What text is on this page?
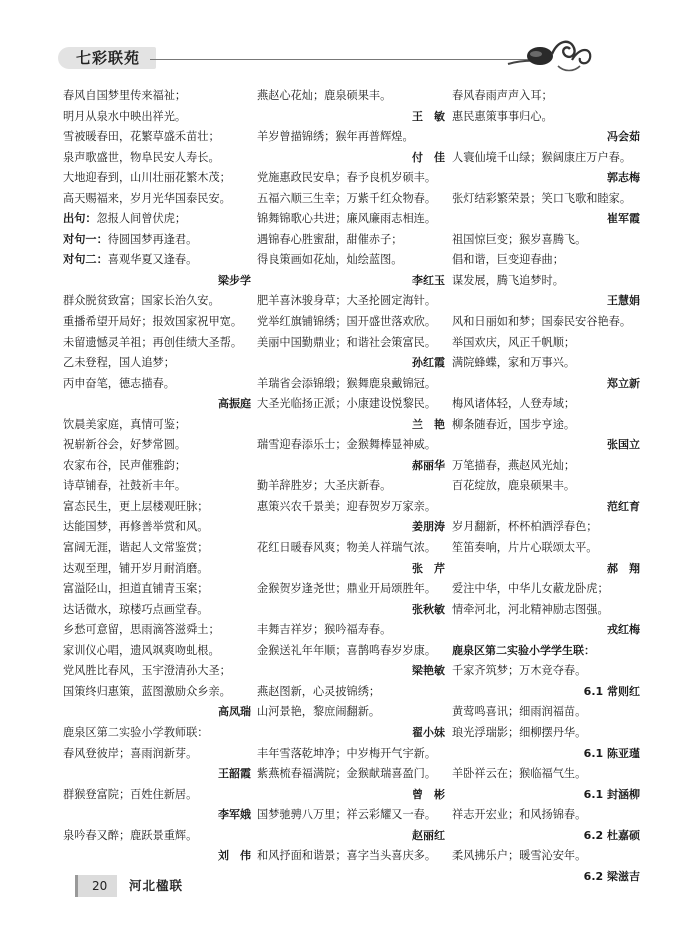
七彩联苑
春风自国梦里传来福祉；
明月从泉水中映出祥光。
雪被暖春田，花繁草盛禾苗壮；
泉声歌盛世，物阜民安人寿长。
大地迎春到，山川壮丽花繁木茂；
高天赐福来，岁月光华国泰民安。
出句：忽报人间曾伏虎；
对句一：待圆国梦再逢君。
对句二：喜观华夏又逢春。
梁步学
群众脱贫致富；国家长治久安。
重播希望开局好；报效国家祝甲宽。
未留遗憾灵羊祖；再创佳绩大圣帮。
乙未登程，国人追梦；
丙申奋笔，德志描春。
高振庭
饮晨美家庭，真情可鉴；
祝崭新谷会，好梦常圆。
农家布谷，民声催雅韵；
诗草铺春，社鼓祈丰年。
富态民生，更上层楼观旺脉；
达能国梦，再修善举赏和风。
富阔无涯，谐起人文常鉴赏；
达观至理，铺开岁月耐消磨。
富溢陉山，担道直铺青玉案；
达话微水，琼楼巧点画堂春。
乡愁可意留，思雨滴答滋舜土；
家训仪心唱，遗风飒爽吻虬根。
党风胜比春风，玉宇澄清孙大圣；
国策终归惠策，蓝图激励众乡亲。
高凤瑞
鹿泉区第二实验小学教师联：
春风登彼岸；喜雨润新芽。
王韶霞
群猴登富院；百姓住新居。
李军娥
泉吟春又醉；鹿跃景重辉。
刘　伟
燕赵心花灿；鹿泉硕果丰。
王　敏
羊岁曾描锦绣；猴年再普辉煌。
付　佳
党施惠政民安阜；春予良机岁硕丰。
五福六顺三生幸；万紫千红众物春。
锦舞锦歌心共进；廉风廉雨志相连。
遇锦春心胜蜜甜，甜催赤子；
得良策画如花灿，灿绘蓝图。
李红玉
肥羊喜沐骏身草；大圣抡圆定海针。
党举红旗铺锦绣；国开盛世落欢欣。
美丽中国勤鼎业；和谐社会策富民。
孙红霞
羊瑞省会添锦缎；猴舞鹿泉戴锦冠。
大圣光临扬正派；小康建设悦黎民。
兰　艳
瑞雪迎春添乐士；金猴舞棒显神威。
郝丽华
勤羊辞胜岁；大圣庆新春。
惠策兴农千景美；迎春贺岁万家亲。
姜朋涛
花红日暖春风爽；物美人祥瑞气浓。
张　芹
金猴贺岁逢尧世；鼎业开局颂胜年。
张秋敏
丰舞吉祥岁；猴吟福寿春。
金猴送礼年年顺；喜鹊鸣春岁岁康。
梁艳敏
燕赵图新，心灵披锦绣；
山河景艳，黎庶闹翻新。
翟小妹
丰年雪落乾坤净；中岁梅开气宇新。
紫燕梳春福满院；金猴献瑞喜盈门。
曾　彬
国梦驰骋八万里；祥云彩耀又一春。
赵丽红
和风抒面和谐景；喜字当头喜庆多。
春风春雨声声入耳；
惠民惠策事事归心。
冯会茹
人寰仙境千山绿；猴阔康庄万户春。
郭志梅
张灯结彩繁荣景；笑口飞歌和睦家。
崔军霞
祖国惊巨变；猴岁喜腾飞。
倡和谐，巨变迎春曲；
谋发展，腾飞追梦时。
王慧娟
风和日丽如和梦；国泰民安谷艳春。
举国欢庆，风正千帆顺；
满院蜂蝶，家和万事兴。
郑立新
梅风诸体轻，人登寿域；
柳条随春近，国步亨途。
张国立
万笔描春，燕赵风光灿；
百花绽放，鹿泉硕果丰。
范红育
岁月翻新，杯杯柏酒浮春色；
笙笛奏响，片片心联颂太平。
郝　翔
爱注中华，中华儿女蔽龙卧虎；
情牵河北，河北精神励志图强。
戎红梅
鹿泉区第二实验小学学生联：
千家齐筑梦；万木竞夺春。
6.1 常则红
黄莺鸣喜讯；细雨润福苗。
琅光浮瑞影；细柳摆丹华。
6.1 陈亚瑾
羊卧祥云在；猴临福气生。
6.1 封涵柳
祥志开宏业；和风扬锦春。
6.2 杜嘉硕
柔风拂乐户；暖雪沁安年。
6.2 梁滋吉
20	河北楹联
